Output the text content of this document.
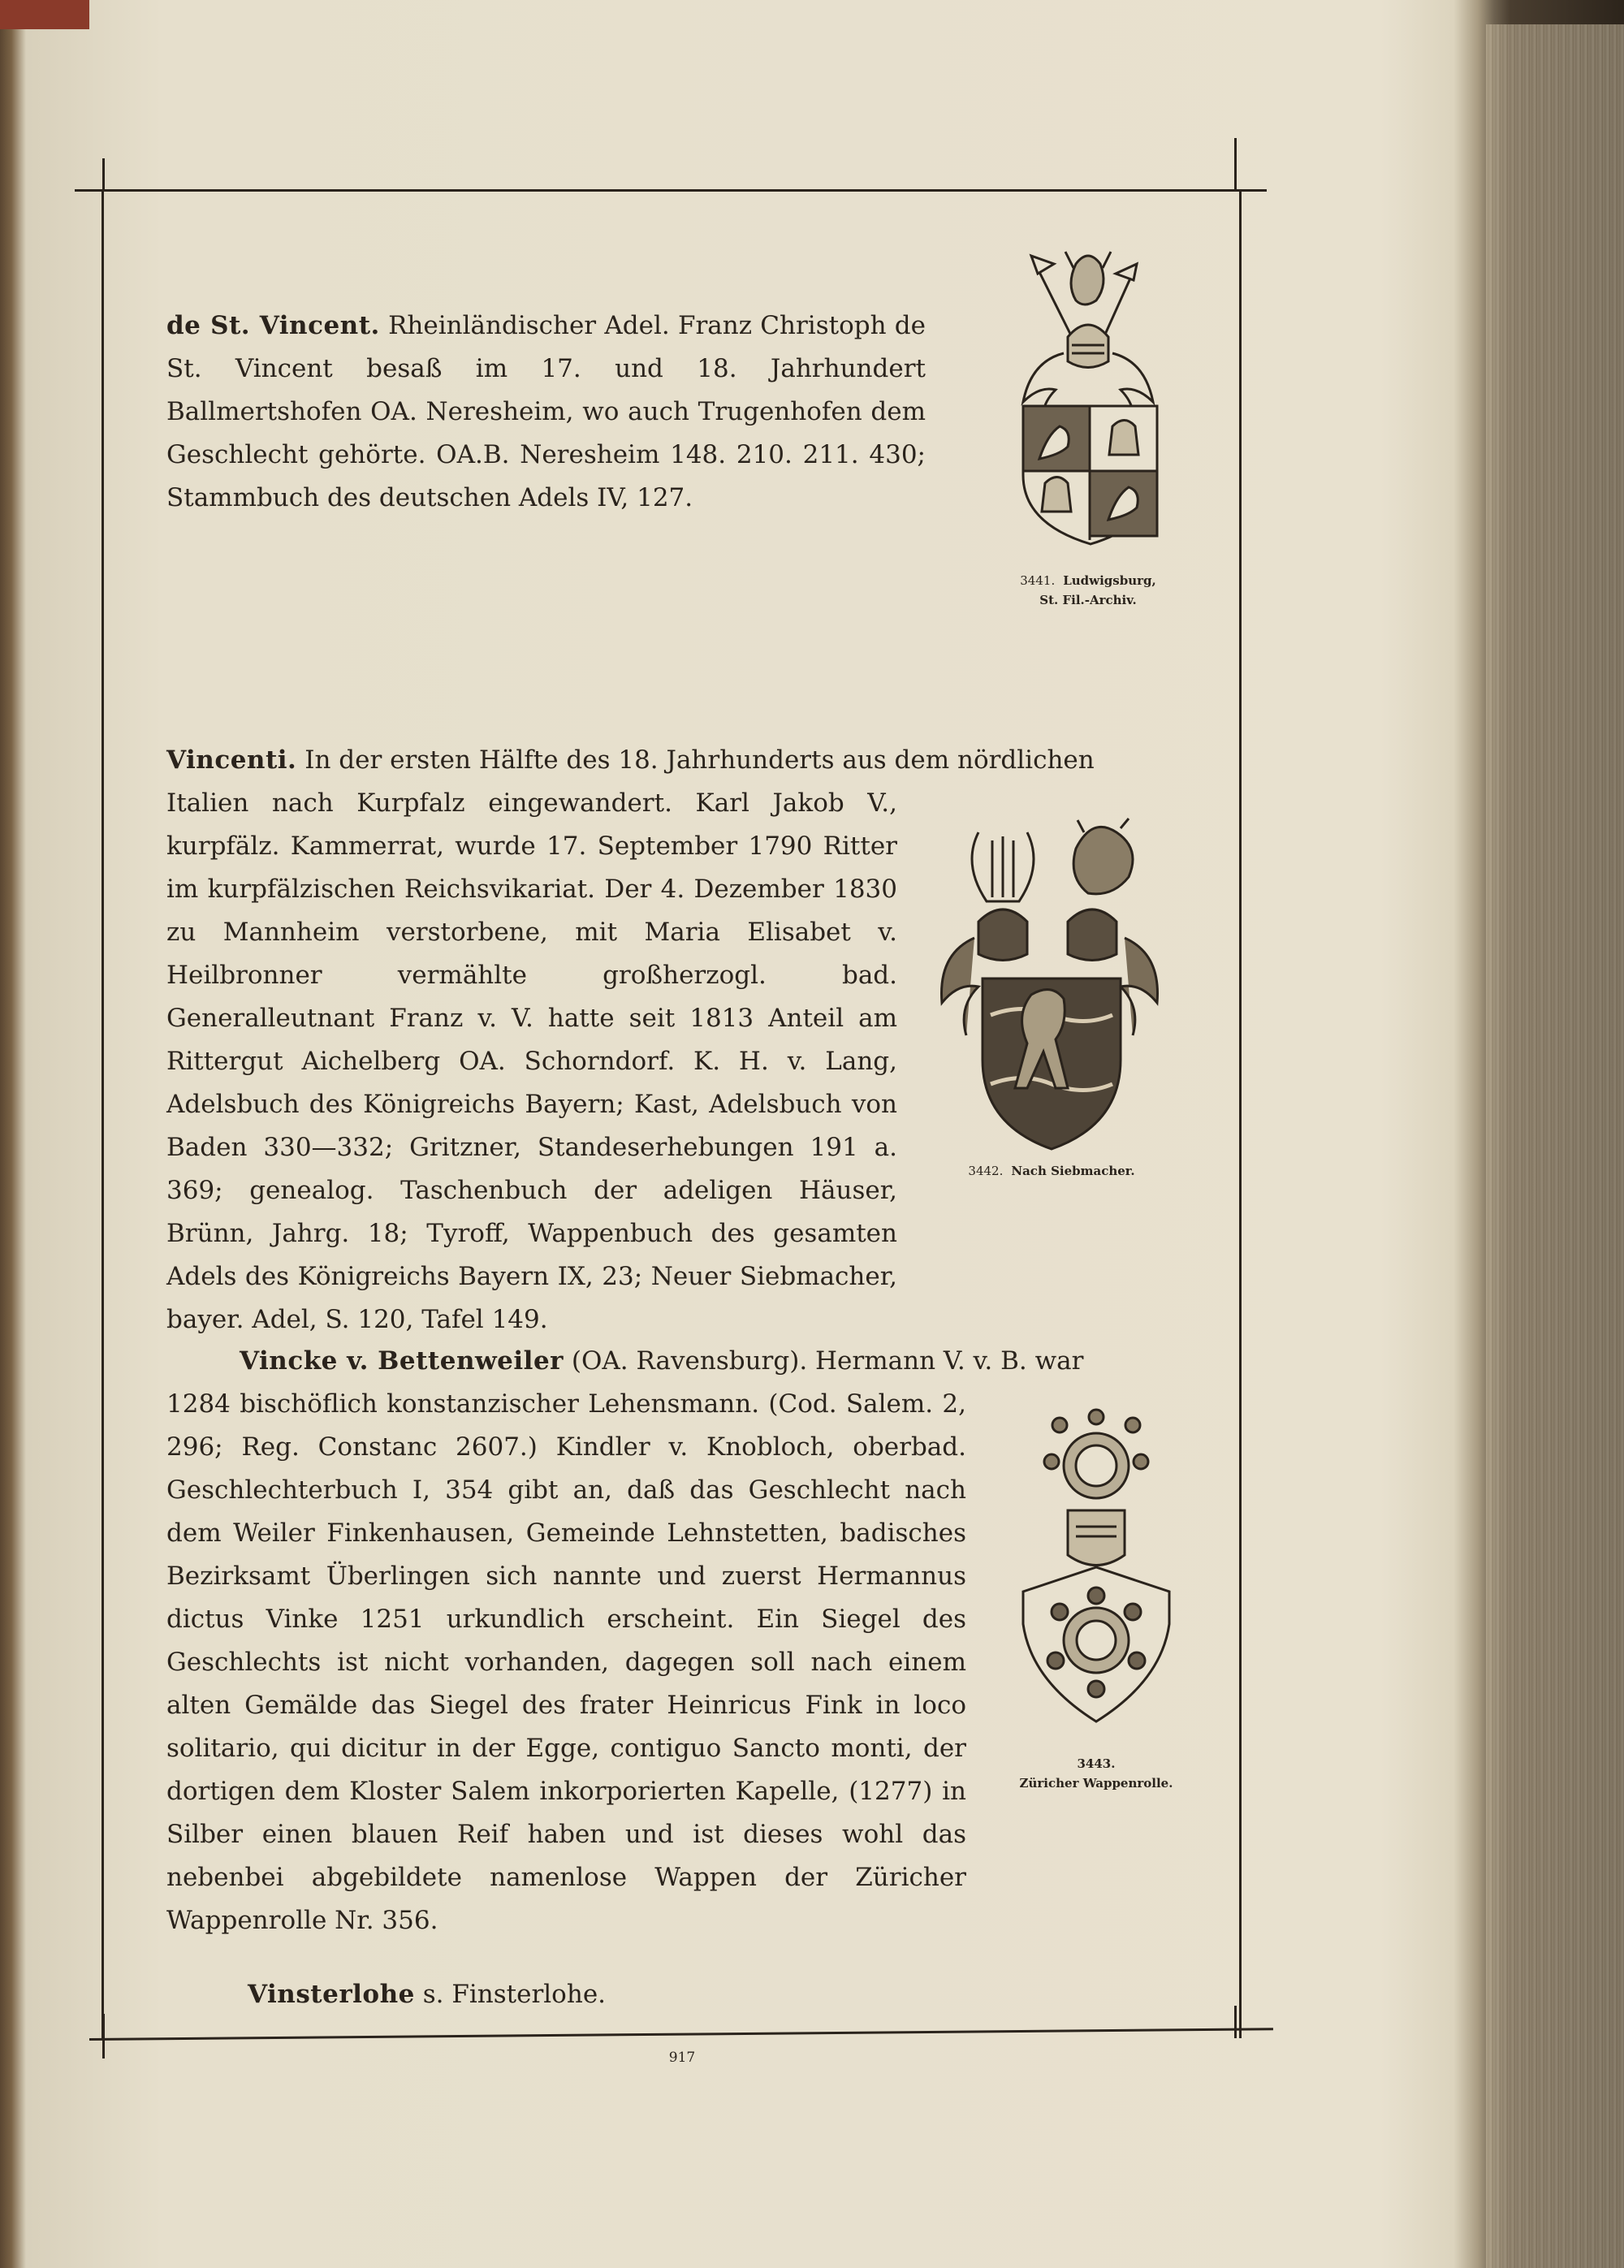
de St. Vincent. Rheinländischer Adel. Franz Christoph de St. Vincent besaß im 17. und 18. Jahrhundert Ballmertshofen OA. Neresheim, wo auch Trugenhofen dem Geschlecht gehörte. OA.B. Neresheim 148. 210. 211. 430; Stammbuch des deutschen Adels IV, 127.
3441. Ludwigsburg,
St. Fil.-Archiv.
Vincenti. In der ersten Hälfte des 18. Jahrhunderts aus dem nördlichen
Italien nach Kurpfalz eingewandert. Karl Jakob V., kurpfälz. Kammerrat, wurde 17. September 1790 Ritter im kurpfälzischen Reichsvikariat. Der 4. Dezember 1830 zu Mannheim verstorbene, mit Maria Elisabet v. Heilbronner vermählte großherzogl. bad. Generalleutnant Franz v. V. hatte seit 1813 Anteil am Rittergut Aichelberg OA. Schorndorf. K. H. v. Lang, Adelsbuch des Königreichs Bayern; Kast, Adelsbuch von Baden 330—332; Gritzner, Standeserhebungen 191 a. 369; genealog. Taschenbuch der adeligen Häuser, Brünn, Jahrg. 18; Tyroff, Wappenbuch des gesamten Adels des Königreichs Bayern IX, 23; Neuer Siebmacher, bayer. Adel, S. 120, Tafel 149.
3442. Nach Siebmacher.
Vincke v. Bettenweiler (OA. Ravensburg). Hermann V. v. B. war
1284 bischöflich konstanzischer Lehensmann. (Cod. Salem. 2, 296; Reg. Constanc 2607.) Kindler v. Knobloch, oberbad. Geschlechterbuch I, 354 gibt an, daß das Geschlecht nach dem Weiler Finkenhausen, Gemeinde Lehnstetten, badisches Bezirksamt Überlingen sich nannte und zuerst Hermannus dictus Vinke 1251 urkundlich erscheint. Ein Siegel des Geschlechts ist nicht vorhanden, dagegen soll nach einem alten Gemälde das Siegel des frater Heinricus Fink in loco solitario, qui dicitur in der Egge, contiguo Sancto monti, der dortigen dem Kloster Salem inkorporierten Kapelle, (1277) in Silber einen blauen Reif haben und ist dieses wohl das nebenbei abgebildete namenlose Wappen der Züricher Wappenrolle Nr. 356.
3443.
Züricher Wappenrolle.
Vinsterlohe s. Finsterlohe.
917
